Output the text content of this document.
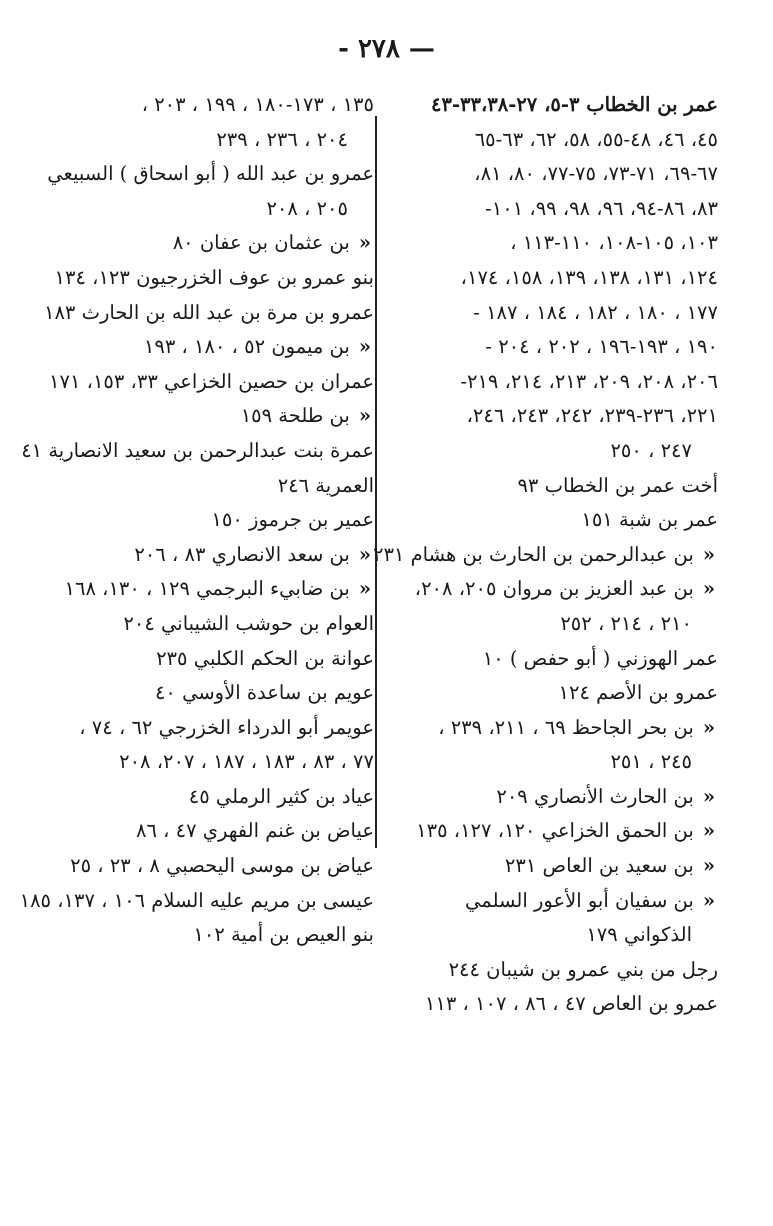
— ٢٧٨ -
عمر بن الخطاب ٣-٥، ٢٧-٣٣،٣٨-٤٣
٤٥، ٤٦، ٤٨-٥٥، ٥٨، ٦٢، ٦٣-٦٥
٦٧-٦٩، ٧١-٧٣، ٧٥-٧٧، ٨٠، ٨١،
٨٣، ٨٦-٩٤، ٩٦، ٩٨، ٩٩، ١٠١-
١٠٣، ١٠٥-١٠٨، ١١٠-١١٣ ،
١٢٤، ١٣١، ١٣٨، ١٣٩، ١٥٨، ١٧٤،
١٧٧ ، ١٨٠ ، ١٨٢ ، ١٨٤ ، ١٨٧ -
١٩٠ ، ١٩٣-١٩٦ ، ٢٠٢ ، ٢٠٤ -
٢٠٦، ٢٠٨، ٢٠٩، ٢١٣، ٢١٤، ٢١٩-
٢٢١، ٢٣٦-٢٣٩، ٢٤٢، ٢٤٣، ٢٤٦،
٢٤٧ ، ٢٥٠
أخت عمر بن الخطاب ٩٣
عمر بن شبة ١٥١
« بن عبدالرحمن بن الحارث بن هشام ٢٣١
« بن عبد العزيز بن مروان ٢٠٥، ٢٠٨،
٢١٠ ، ٢١٤ ، ٢٥٢
عمر الهوزني ( أبو حفص ) ١٠
عمرو بن الأصم ١٢٤
« بن بحر الجاحظ ٦٩ ، ٢١١، ٢٣٩ ،
٢٤٥ ، ٢٥١
« بن الحارث الأنصاري ٢٠٩
« بن الحمق الخزاعي ١٢٠، ١٢٧، ١٣٥
« بن سعيد بن العاص ٢٣١
« بن سفيان أبو الأعور السلمي
الذكواني ١٧٩
رجل من بني عمرو بن شيبان ٢٤٤
عمرو بن العاص ٤٧ ، ٨٦ ، ١٠٧ ، ١١٣
١٣٥ ، ١٧٣-١٨٠ ، ١٩٩ ، ٢٠٣ ،
٢٠٤ ، ٢٣٦ ، ٢٣٩
عمرو بن عبد الله ( أبو اسحاق ) السبيعي
٢٠٥ ، ٢٠٨
« بن عثمان بن عفان ٨٠
بنو عمرو بن عوف الخزرجيون ١٢٣، ١٣٤
عمرو بن مرة بن عبد الله بن الحارث ١٨٣
« بن ميمون ٥٢ ، ١٨٠ ، ١٩٣
عمران بن حصين الخزاعي ٣٣، ١٥٣، ١٧١
« بن طلحة ١٥٩
عمرة بنت عبدالرحمن بن سعيد الانصارية ٤١
العمرية ٢٤٦
عمير بن جرموز ١٥٠
« بن سعد الانصاري ٨٣ ، ٢٠٦
« بن ضابيء البرجمي ١٢٩ ، ١٣٠، ١٦٨
العوام بن حوشب الشيباني ٢٠٤
عوانة بن الحكم الكلبي ٢٣٥
عويم بن ساعدة الأوسي ٤٠
عويمر أبو الدرداء الخزرجي ٦٢ ، ٧٤ ،
٧٧ ، ٨٣ ، ١٨٣ ، ١٨٧ ، ٢٠٧، ٢٠٨
عياد بن كثير الرملي ٤٥
عياض بن غنم الفهري ٤٧ ، ٨٦
عياض بن موسى اليحصبي ٨ ، ٢٣ ، ٢٥
عيسى بن مريم عليه السلام ١٠٦ ، ١٣٧، ١٨٥
بنو العيص بن أمية ١٠٢
